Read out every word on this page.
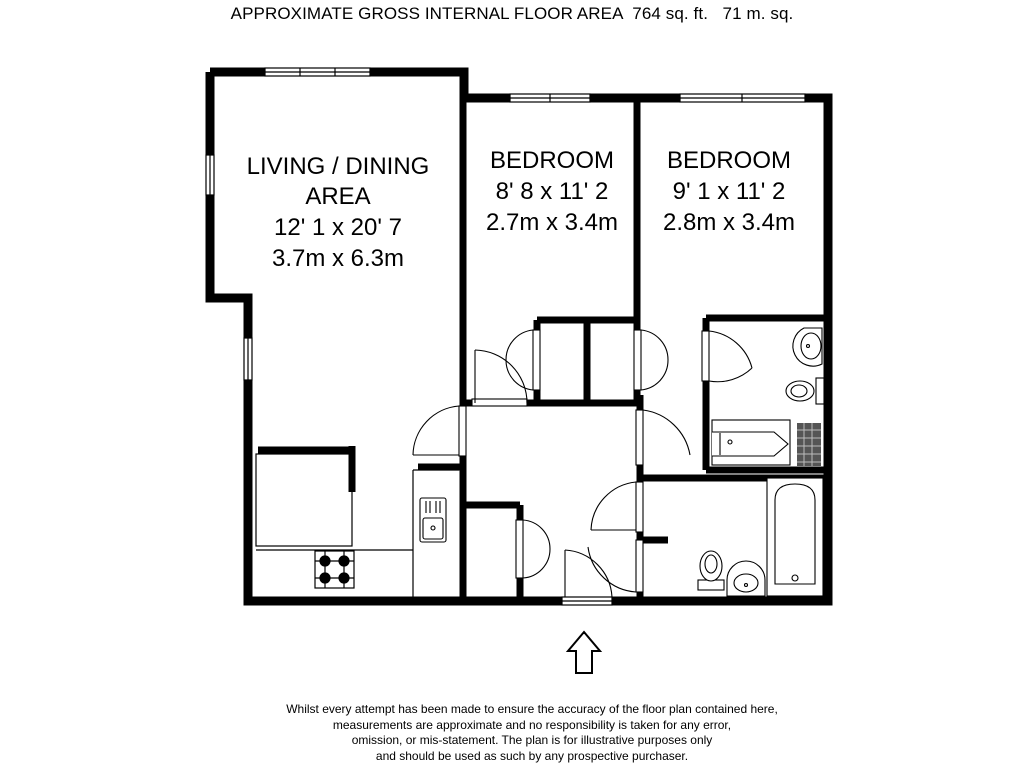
APPROXIMATE GROSS INTERNAL FLOOR AREA 764 sq. ft. 71 m. sq.
LIVING / DINING
AREA
12' 1 x 20' 7
3.7m x 6.3m
BEDROOM
8' 8 x 11' 2
2.7m x 3.4m
BEDROOM
9' 1 x 11' 2
2.8m x 3.4m
Whilst every attempt has been made to ensure the accuracy of the floor plan contained here,
measurements are approximate and no responsibility is taken for any error,
omission, or mis-statement. The plan is for illustrative purposes only
and should be used as such by any prospective purchaser.
